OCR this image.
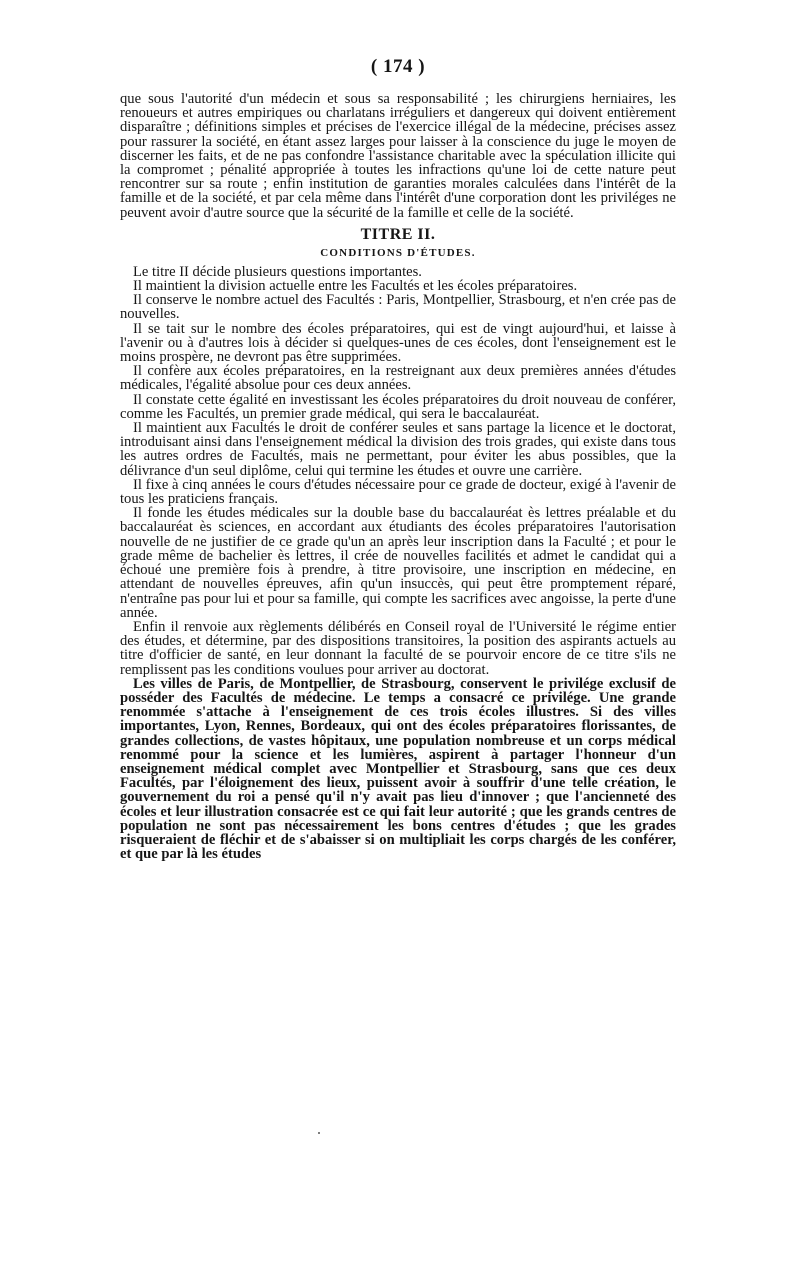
( 174 )

que sous l'autorité d'un médecin et sous sa responsabilité ; les chirurgiens herniaires, les renoueurs et autres empiriques ou charlatans irréguliers et dangereux qui doivent entièrement disparaître ; définitions simples et précises de l'exercice illégal de la médecine, précises assez pour rassurer la société, en étant assez larges pour laisser à la conscience du juge le moyen de discerner les faits, et de ne pas confondre l'assistance charitable avec la spéculation illicite qui la compromet ; pénalité appropriée à toutes les infractions qu'une loi de cette nature peut rencontrer sur sa route ; enfin institution de garanties morales calculées dans l'intérêt de la famille et de la société, et par cela même dans l'intérêt d'une corporation dont les priviléges ne peuvent avoir d'autre source que la sécurité de la famille et celle de la société.

TITRE II.
CONDITIONS D'ÉTUDES.

Le titre II décide plusieurs questions importantes.

Il maintient la division actuelle entre les Facultés et les écoles préparatoires.

Il conserve le nombre actuel des Facultés : Paris, Montpellier, Strasbourg, et n'en crée pas de nouvelles.

Il se tait sur le nombre des écoles préparatoires, qui est de vingt aujourd'hui, et laisse à l'avenir ou à d'autres lois à décider si quelques-unes de ces écoles, dont l'enseignement est le moins prospère, ne devront pas être supprimées.

Il confère aux écoles préparatoires, en la restreignant aux deux premières années d'études médicales, l'égalité absolue pour ces deux années.

Il constate cette égalité en investissant les écoles préparatoires du droit nouveau de conférer, comme les Facultés, un premier grade médical, qui sera le baccalauréat.

Il maintient aux Facultés le droit de conférer seules et sans partage la licence et le doctorat, introduisant ainsi dans l'enseignement médical la division des trois grades, qui existe dans tous les autres ordres de Facultés, mais ne permettant, pour éviter les abus possibles, que la délivrance d'un seul diplôme, celui qui termine les études et ouvre une carrière.

Il fixe à cinq années le cours d'études nécessaire pour ce grade de docteur, exigé à l'avenir de tous les praticiens français.

Il fonde les études médicales sur la double base du baccalauréat ès lettres préalable et du baccalauréat ès sciences, en accordant aux étudiants des écoles préparatoires l'autorisation nouvelle de ne justifier de ce grade qu'un an après leur inscription dans la Faculté ; et pour le grade même de bachelier ès lettres, il crée de nouvelles facilités et admet le candidat qui a échoué une première fois à prendre, à titre provisoire, une inscription en médecine, en attendant de nouvelles épreuves, afin qu'un insuccès, qui peut être promptement réparé, n'entraîne pas pour lui et pour sa famille, qui compte les sacrifices avec angoisse, la perte d'une année.

Enfin il renvoie aux règlements délibérés en Conseil royal de l'Université le régime entier des études, et détermine, par des dispositions transitoires, la position des aspirants actuels au titre d'officier de santé, en leur donnant la faculté de se pourvoir encore de ce titre s'ils ne remplissent pas les conditions voulues pour arriver au doctorat.

Les villes de Paris, de Montpellier, de Strasbourg, conservent le privilége exclusif de posséder des Facultés de médecine. Le temps a consacré ce privilége. Une grande renommée s'attache à l'enseignement de ces trois écoles illustres. Si des villes importantes, Lyon, Rennes, Bordeaux, qui ont des écoles préparatoires florissantes, de grandes collections, de vastes hôpitaux, une population nombreuse et un corps médical renommé pour la science et les lumières, aspirent à partager l'honneur d'un enseignement médical complet avec Montpellier et Strasbourg, sans que ces deux Facultés, par l'éloignement des lieux, puissent avoir à souffrir d'une telle création, le gouvernement du roi a pensé qu'il n'y avait pas lieu d'innover ; que l'ancienneté des écoles et leur illustration consacrée est ce qui fait leur autorité ; que les grands centres de population ne sont pas nécessairement les bons centres d'études ; que les grades risqueraient de fléchir et de s'abaisser si on multipliait les corps chargés de les conférer, et que par là les études
